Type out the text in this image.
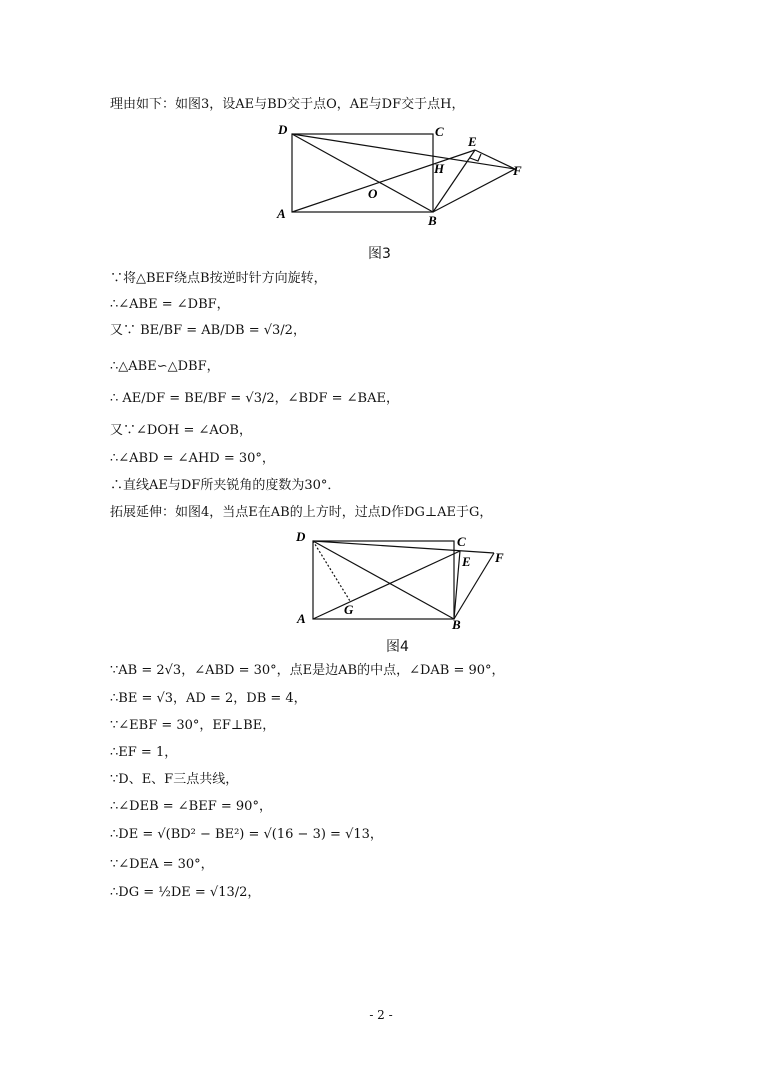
理由如下：如图3，设AE与BD交于点O，AE与DF交于点H，
D	C
E
F
H
O
A	B
图3
∵将△BEF绕点B按逆时针方向旋转，
∴∠ABE = ∠DBF，
又∵ BE/BF = AB/DB = √3/2，
∴△ABE∽△DBF，
∴ AE/DF = BE/BF = √3/2，∠BDF = ∠BAE，
又∵∠DOH = ∠AOB，
∴∠ABD = ∠AHD = 30°，
∴直线AE与DF所夹锐角的度数为30°．
拓展延伸：如图4，当点E在AB的上方时，过点D作DG⊥AE于G，
D	C
E F
G
A	B
图4
∵AB = 2√3，∠ABD = 30°，点E是边AB的中点，∠DAB = 90°，
∴BE = √3，AD = 2，DB = 4，
∵∠EBF = 30°，EF⊥BE，
∴EF = 1，
∵D、E、F三点共线，
∴∠DEB = ∠BEF = 90°，
∴DE = √(BD² − BE²) = √(16 − 3) = √13，
∵∠DEA = 30°，
∴DG = ½DE = √13/2，
- 2 -
